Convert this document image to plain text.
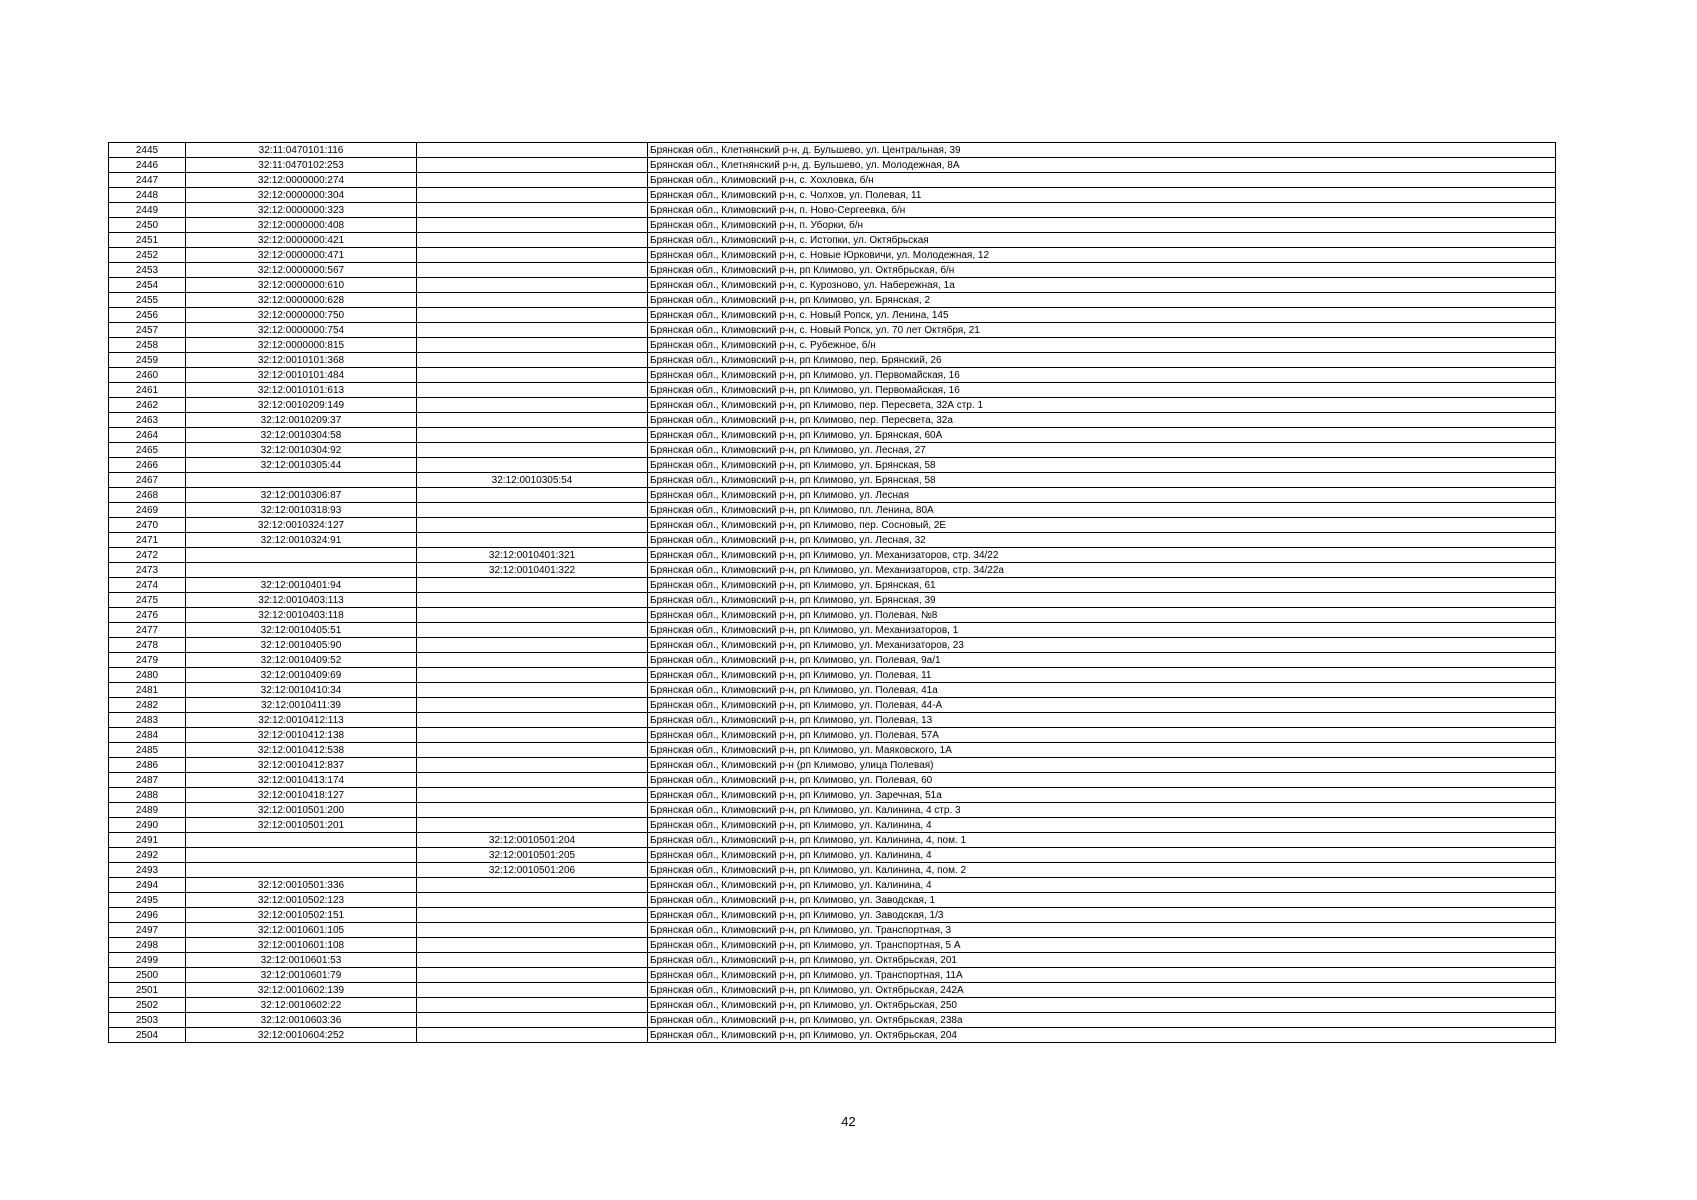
2445	32:11:0470101:116		Брянская обл., Клетнянский р-н, д. Бульшево, ул. Центральная, 39
2446	32:11:0470102:253		Брянская обл., Клетнянский р-н, д. Бульшево, ул. Молодежная, 8А
2447	32:12:0000000:274		Брянская обл., Климовский р-н, с. Хохловка, б/н
2448	32:12:0000000:304		Брянская обл., Климовский р-н, с. Чолхов, ул. Полевая, 11
2449	32:12:0000000:323		Брянская обл., Климовский р-н, п. Ново-Сергеевка, б/н
2450	32:12:0000000:408		Брянская обл., Климовский р-н, п. Уборки, б/н
2451	32:12:0000000:421		Брянская обл., Климовский р-н, с. Истопки, ул. Октябрьская
2452	32:12:0000000:471		Брянская обл., Климовский р-н, с. Новые Юрковичи, ул. Молодежная, 12
2453	32:12:0000000:567		Брянская обл., Климовский р-н, рп Климово, ул. Октябрьская, б/н
2454	32:12:0000000:610		Брянская обл., Климовский р-н, с. Курозново, ул. Набережная, 1а
2455	32:12:0000000:628		Брянская обл., Климовский р-н, рп Климово, ул. Брянская, 2
2456	32:12:0000000:750		Брянская обл., Климовский р-н, с. Новый Ропск, ул. Ленина, 145
2457	32:12:0000000:754		Брянская обл., Климовский р-н, с. Новый Ропск, ул. 70 лет Октября, 21
2458	32:12:0000000:815		Брянская обл., Климовский р-н, с. Рубежное, б/н
2459	32:12:0010101:368		Брянская обл., Климовский р-н, рп Климово, пер. Брянский, 26
2460	32:12:0010101:484		Брянская обл., Климовский р-н, рп Климово, ул. Первомайская, 16
2461	32:12:0010101:613		Брянская обл., Климовский р-н, рп Климово, ул. Первомайская, 16
2462	32:12:0010209:149		Брянская обл., Климовский р-н, рп Климово, пер. Пересвета, 32А стр. 1
2463	32:12:0010209:37		Брянская обл., Климовский р-н, рп Климово, пер. Пересвета, 32а
2464	32:12:0010304:58		Брянская обл., Климовский р-н, рп Климово, ул. Брянская, 60А
2465	32:12:0010304:92		Брянская обл., Климовский р-н, рп Климово, ул. Лесная, 27
2466	32:12:0010305:44		Брянская обл., Климовский р-н, рп Климово, ул. Брянская, 58
2467		32:12:0010305:54	Брянская обл., Климовский р-н, рп Климово, ул. Брянская, 58
2468	32:12:0010306:87		Брянская обл., Климовский р-н, рп Климово, ул. Лесная
2469	32:12:0010318:93		Брянская обл., Климовский р-н, рп Климово, пл. Ленина, 80А
2470	32:12:0010324:127		Брянская обл., Климовский р-н, рп Климово, пер. Сосновый, 2Е
2471	32:12:0010324:91		Брянская обл., Климовский р-н, рп Климово, ул. Лесная, 32
2472		32:12:0010401:321	Брянская обл., Климовский р-н, рп Климово, ул. Механизаторов, стр. 34/22
2473		32:12:0010401:322	Брянская обл., Климовский р-н, рп Климово, ул. Механизаторов, стр. 34/22а
2474	32:12:0010401:94		Брянская обл., Климовский р-н, рп Климово, ул. Брянская, 61
2475	32:12:0010403:113		Брянская обл., Климовский р-н, рп Климово, ул. Брянская, 39
2476	32:12:0010403:118		Брянская обл., Климовский р-н, рп Климово, ул. Полевая, №8
2477	32:12:0010405:51		Брянская обл., Климовский р-н, рп Климово, ул. Механизаторов, 1
2478	32:12:0010405:90		Брянская обл., Климовский р-н, рп Климово, ул. Механизаторов, 23
2479	32:12:0010409:52		Брянская обл., Климовский р-н, рп Климово, ул. Полевая, 9а/1
2480	32:12:0010409:69		Брянская обл., Климовский р-н, рп Климово, ул. Полевая, 11
2481	32:12:0010410:34		Брянская обл., Климовский р-н, рп Климово, ул. Полевая, 41а
2482	32:12:0010411:39		Брянская обл., Климовский р-н, рп Климово, ул. Полевая, 44-А
2483	32:12:0010412:113		Брянская обл., Климовский р-н, рп Климово, ул. Полевая, 13
2484	32:12:0010412:138		Брянская обл., Климовский р-н, рп Климово, ул. Полевая, 57А
2485	32:12:0010412:538		Брянская обл., Климовский р-н, рп Климово, ул. Маяковского, 1А
2486	32:12:0010412:837		Брянская обл., Климовский р-н (рп Климово, улица Полевая)
2487	32:12:0010413:174		Брянская обл., Климовский р-н, рп Климово, ул. Полевая, 60
2488	32:12:0010418:127		Брянская обл., Климовский р-н, рп Климово, ул. Заречная, 51а
2489	32:12:0010501:200		Брянская обл., Климовский р-н, рп Климово, ул. Калинина, 4 стр. 3
2490	32:12:0010501:201		Брянская обл., Климовский р-н, рп Климово, ул. Калинина, 4
2491		32:12:0010501:204	Брянская обл., Климовский р-н, рп Климово, ул. Калинина, 4, пом. 1
2492		32:12:0010501:205	Брянская обл., Климовский р-н, рп Климово, ул. Калинина, 4
2493		32:12:0010501:206	Брянская обл., Климовский р-н, рп Климово, ул. Калинина, 4, пом. 2
2494	32:12:0010501:336		Брянская обл., Климовский р-н, рп Климово, ул. Калинина, 4
2495	32:12:0010502:123		Брянская обл., Климовский р-н, рп Климово, ул. Заводская, 1
2496	32:12:0010502:151		Брянская обл., Климовский р-н, рп Климово, ул. Заводская, 1/3
2497	32:12:0010601:105		Брянская обл., Климовский р-н, рп Климово, ул. Транспортная, 3
2498	32:12:0010601:108		Брянская обл., Климовский р-н, рп Климово, ул. Транспортная, 5 А
2499	32:12:0010601:53		Брянская обл., Климовский р-н, рп Климово, ул. Октябрьская, 201
2500	32:12:0010601:79		Брянская обл., Климовский р-н, рп Климово, ул. Транспортная, 11А
2501	32:12:0010602:139		Брянская обл., Климовский р-н, рп Климово, ул. Октябрьская, 242А
2502	32:12:0010602:22		Брянская обл., Климовский р-н, рп Климово, ул. Октябрьская, 250
2503	32:12:0010603:36		Брянская обл., Климовский р-н, рп Климово, ул. Октябрьская, 238а
2504	32:12:0010604:252		Брянская обл., Климовский р-н, рп Климово, ул. Октябрьская, 204
42
